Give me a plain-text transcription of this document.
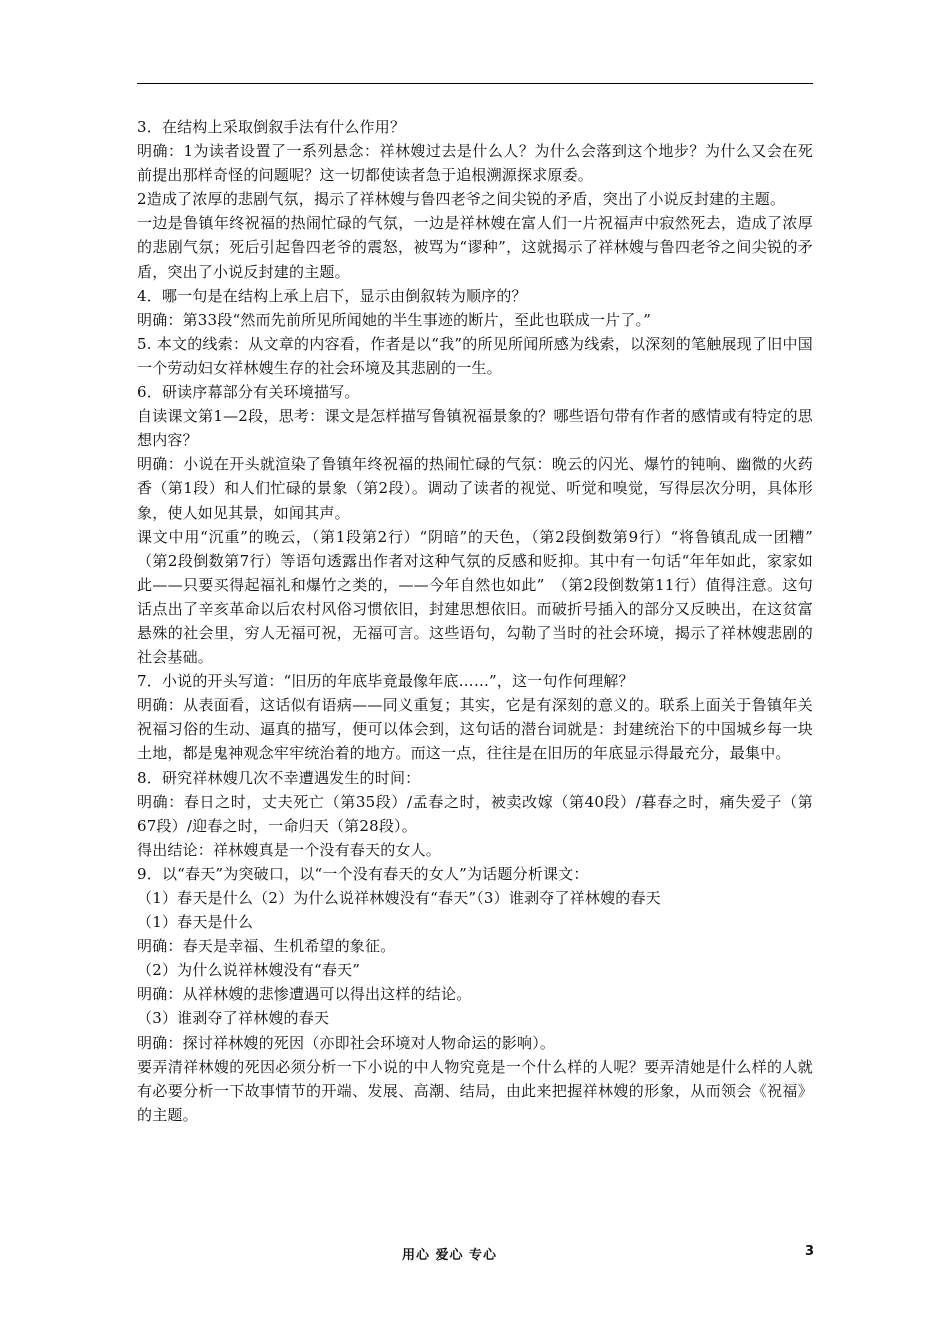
3．在结构上采取倒叙手法有什么作用？

明确：1为读者设置了一系列悬念：祥林嫂过去是什么人？为什么会落到这个地步？为什么又会在死前提出那样奇怪的问题呢？这一切都使读者急于追根溯源探求原委。

2造成了浓厚的悲剧气氛，揭示了祥林嫂与鲁四老爷之间尖锐的矛盾，突出了小说反封建的主题。

一边是鲁镇年终祝福的热闹忙碌的气氛，一边是祥林嫂在富人们一片祝福声中寂然死去，造成了浓厚的悲剧气氛；死后引起鲁四老爷的震怒，被骂为“谬种”，这就揭示了祥林嫂与鲁四老爷之间尖锐的矛盾，突出了小说反封建的主题。

4．哪一句是在结构上承上启下，显示由倒叙转为顺序的？

明确：第33段“然而先前所见所闻她的半生事迹的断片，至此也联成一片了。”

5. 本文的线索：从文章的内容看，作者是以“我”的所见所闻所感为线索，以深刻的笔触展现了旧中国一个劳动妇女祥林嫂生存的社会环境及其悲剧的一生。

6．研读序幕部分有关环境描写。

自读课文第1—2段，思考：课文是怎样描写鲁镇祝福景象的？哪些语句带有作者的感情或有特定的思想内容？

明确：小说在开头就渲染了鲁镇年终祝福的热闹忙碌的气氛：晚云的闪光、爆竹的钝响、幽微的火药香（第1段）和人们忙碌的景象（第2段）。调动了读者的视觉、听觉和嗅觉，写得层次分明，具体形象，使人如见其景，如闻其声。

课文中用“沉重”的晚云，（第1段第2行）“阴暗”的天色，（第2段倒数第9行）“将鲁镇乱成一团糟”　（第2段倒数第7行）等语句透露出作者对这种气氛的反感和贬抑。其中有一句话“年年如此，家家如此——只要买得起福礼和爆竹之类的，——今年自然也如此”　（第2段倒数第11行）值得注意。这句话点出了辛亥革命以后农村风俗习惯依旧，封建思想依旧。而破折号插入的部分又反映出，在这贫富悬殊的社会里，穷人无福可祝，无福可言。这些语句，勾勒了当时的社会环境，揭示了祥林嫂悲剧的社会基础。

7．小说的开头写道：“旧历的年底毕竟最像年底……”，这一句作何理解？

明确：从表面看，这话似有语病——同义重复；其实，它是有深刻的意义的。联系上面关于鲁镇年关祝福习俗的生动、逼真的描写，便可以体会到，这句话的潜台词就是：封建统治下的中国城乡每一块土地，都是鬼神观念牢牢统治着的地方。而这一点，往往是在旧历的年底显示得最充分，最集中。

8．研究祥林嫂几次不幸遭遇发生的时间：

明确：春日之时，丈夫死亡（第35段）/孟春之时，被卖改嫁（第40段）/暮春之时，痛失爱子（第67段）/迎春之时，一命归天（第28段）。

得出结论：祥林嫂真是一个没有春天的女人。

9．以“春天”为突破口，以“一个没有春天的女人”为话题分析课文：

（1）春天是什么（2）为什么说祥林嫂没有“春天”（3）谁剥夺了祥林嫂的春天

（1）春天是什么

明确：春天是幸福、生机希望的象征。

（2）为什么说祥林嫂没有“春天”

明确：从祥林嫂的悲惨遭遇可以得出这样的结论。

（3）谁剥夺了祥林嫂的春天

明确：探讨祥林嫂的死因（亦即社会环境对人物命运的影响）。

要弄清祥林嫂的死因必须分析一下小说的中人物究竟是一个什么样的人呢？要弄清她是什么样的人就有必要分析一下故事情节的开端、发展、高潮、结局，由此来把握祥林嫂的形象，从而领会《祝福》的主题。

用心 爱心 专心	3
